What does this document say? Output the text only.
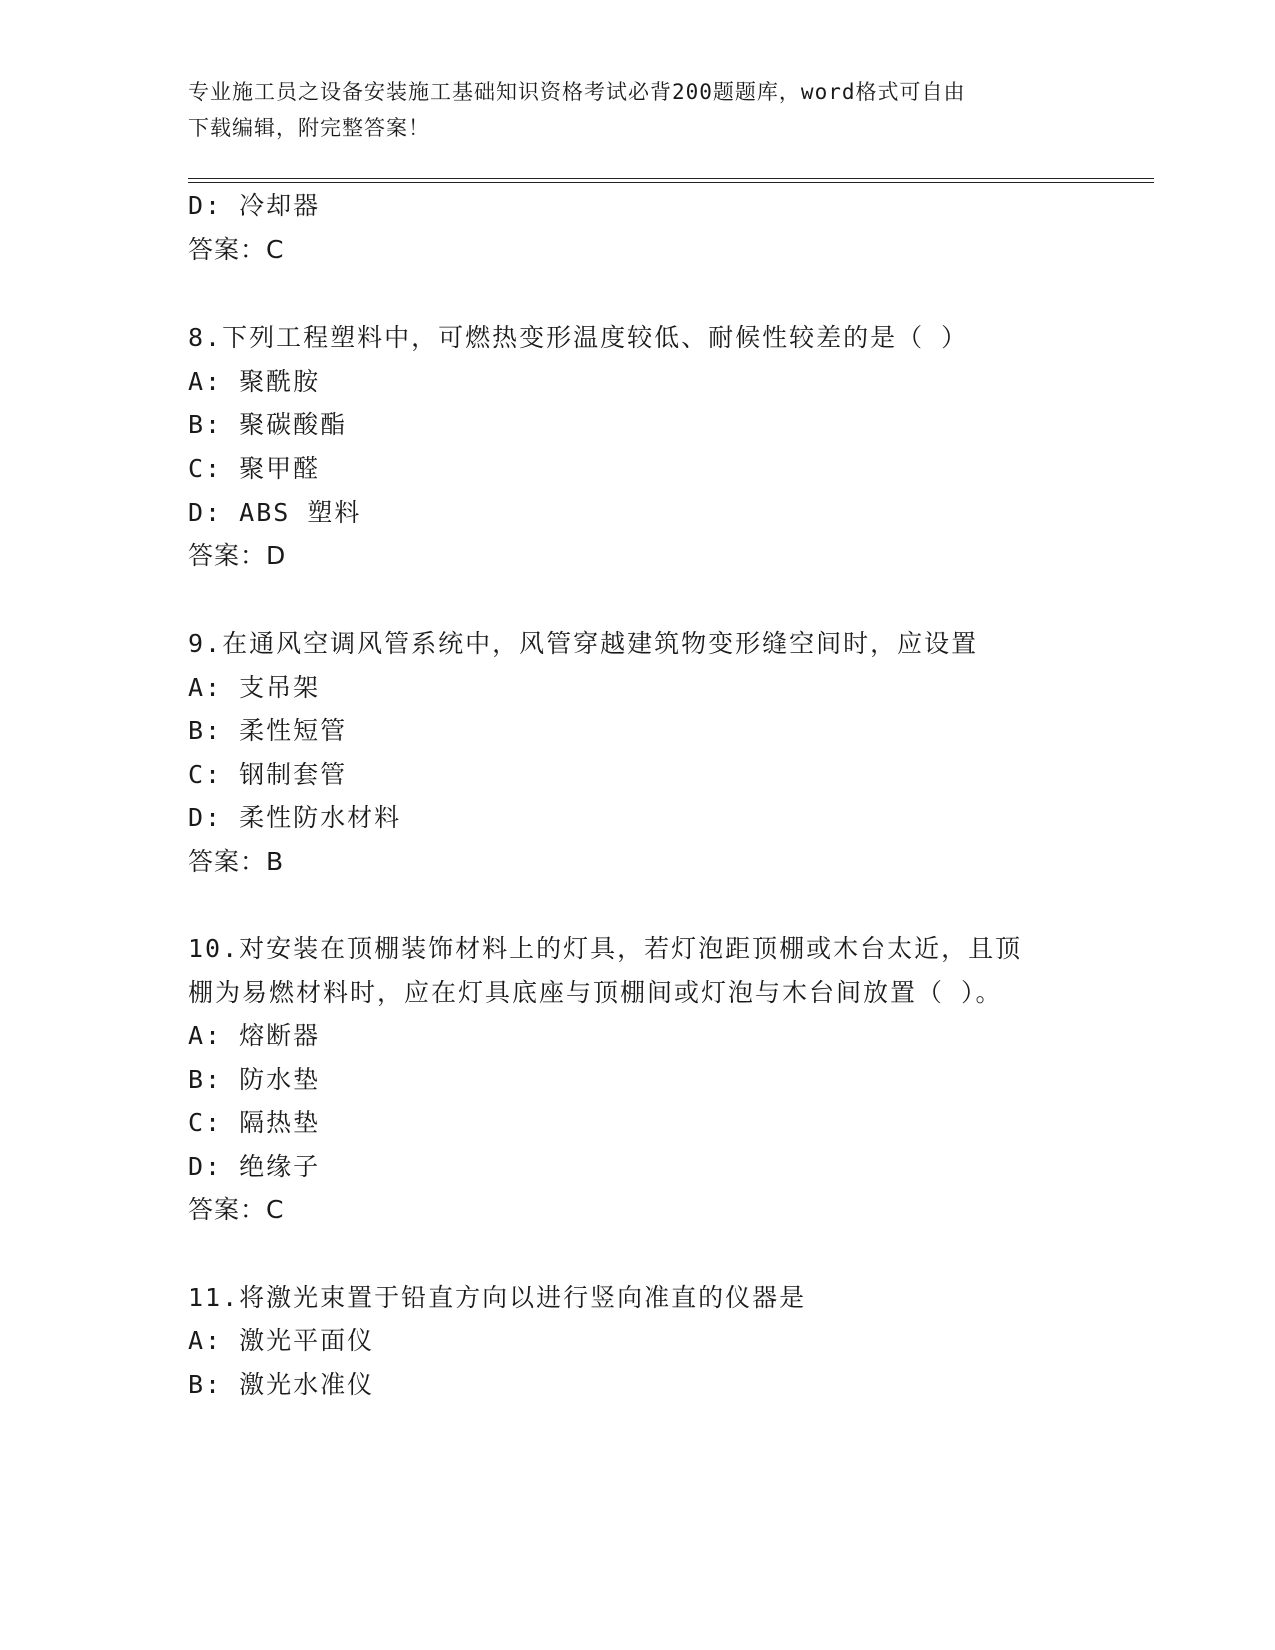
专业施工员之设备安装施工基础知识资格考试必背200题题库，word格式可自由
下载编辑，附完整答案！
D: 冷却器
答案：C
8.下列工程塑料中，可燃热变形温度较低、耐候性较差的是（ ）
A: 聚酰胺
B: 聚碳酸酯
C: 聚甲醛
D: ABS 塑料
答案：D
9.在通风空调风管系统中，风管穿越建筑物变形缝空间时，应设置
A: 支吊架
B: 柔性短管
C: 钢制套管
D: 柔性防水材料
答案：B
10.对安装在顶棚装饰材料上的灯具，若灯泡距顶棚或木台太近，且顶
棚为易燃材料时，应在灯具底座与顶棚间或灯泡与木台间放置（ ）。
A: 熔断器
B: 防水垫
C: 隔热垫
D: 绝缘子
答案：C
11.将激光束置于铅直方向以进行竖向准直的仪器是
A: 激光平面仪
B: 激光水准仪
